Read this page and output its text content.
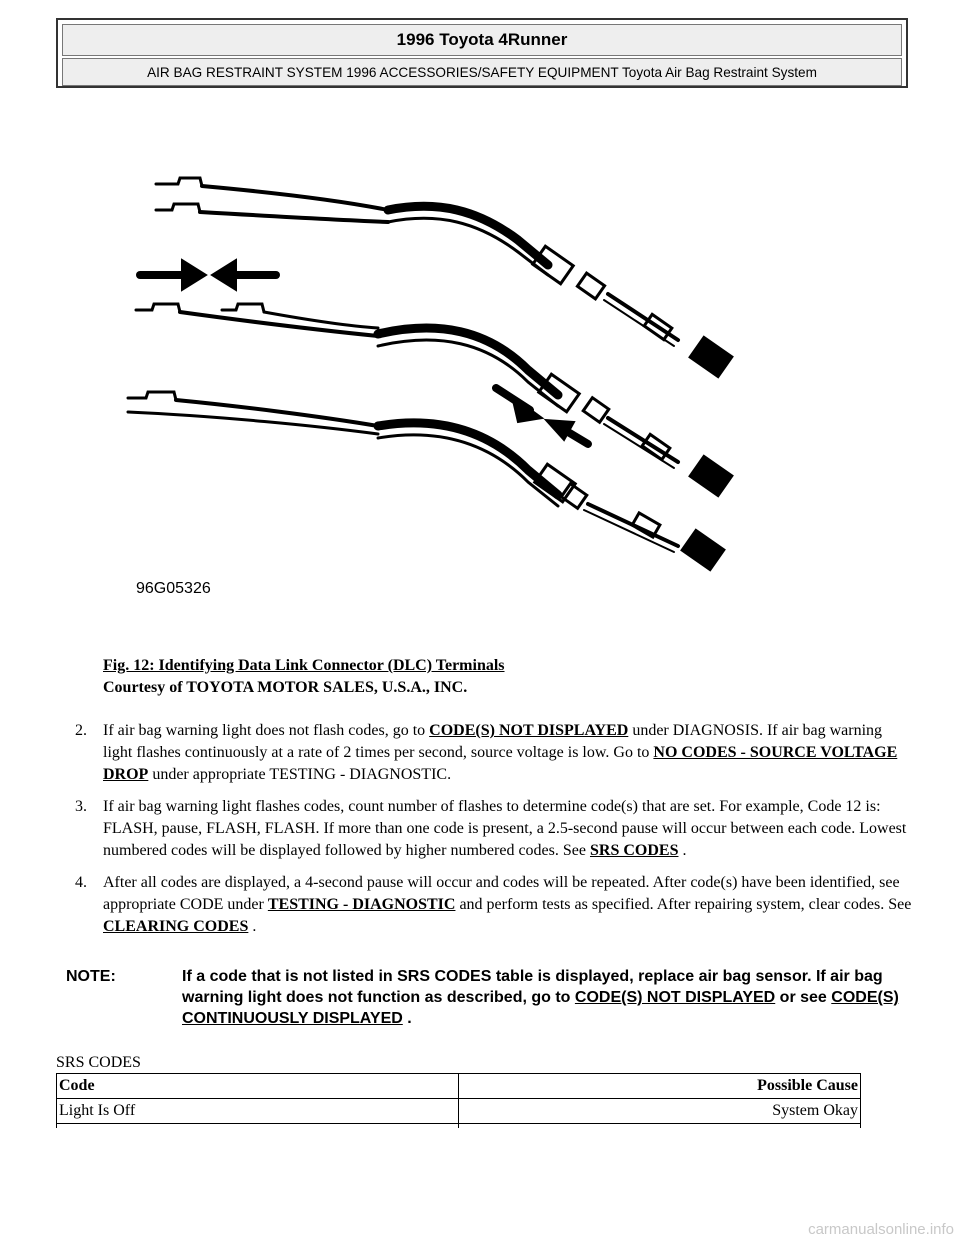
1996 Toyota 4Runner
AIR BAG RESTRAINT SYSTEM 1996 ACCESSORIES/SAFETY EQUIPMENT Toyota Air Bag Restraint System
96G05326
Fig. 12: Identifying Data Link Connector (DLC) Terminals
Courtesy of TOYOTA MOTOR SALES, U.S.A., INC.
2.	If air bag warning light does not flash codes, go to CODE(S) NOT DISPLAYED under DIAGNOSIS. If air bag warning light flashes continuously at a rate of 2 times per second, source voltage is low. Go to NO CODES - SOURCE VOLTAGE DROP under appropriate TESTING - DIAGNOSTIC.
3.	If air bag warning light flashes codes, count number of flashes to determine code(s) that are set. For example, Code 12 is: FLASH, pause, FLASH, FLASH. If more than one code is present, a 2.5-second pause will occur between each code. Lowest numbered codes will be displayed followed by higher numbered codes. See SRS CODES .
4.	After all codes are displayed, a 4-second pause will occur and codes will be repeated. After code(s) have been identified, see appropriate CODE under TESTING - DIAGNOSTIC and perform tests as specified. After repairing system, clear codes. See CLEARING CODES .
NOTE:	If a code that is not listed in SRS CODES table is displayed, replace air bag sensor. If air bag warning light does not function as described, go to CODE(S) NOT DISPLAYED or see CODE(S) CONTINUOUSLY DISPLAYED .
SRS CODES
Code	Possible Cause
Light Is Off	System Okay

carmanualsonline.info
